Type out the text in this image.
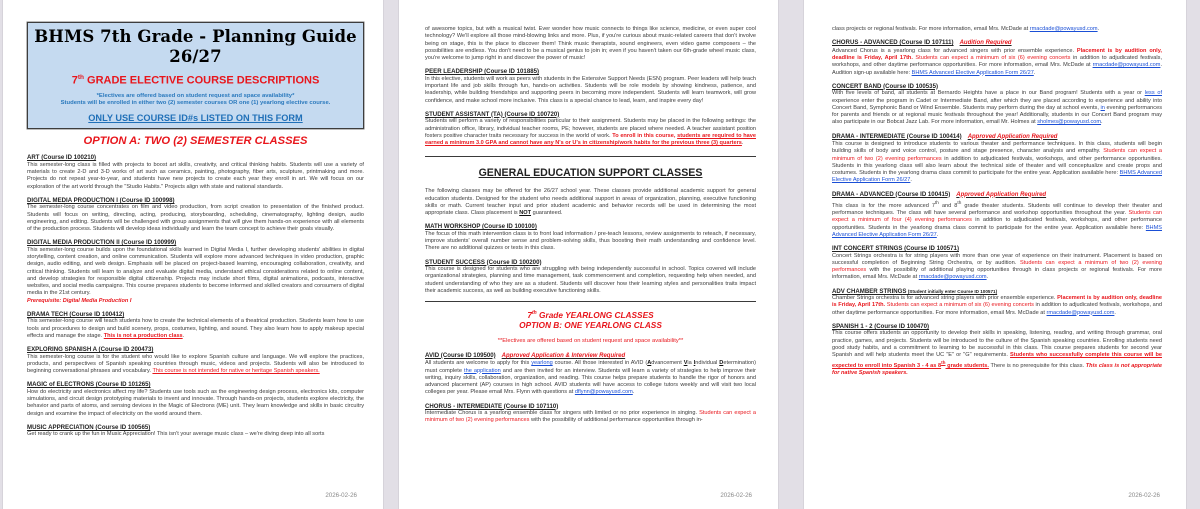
BHMS 7th Grade - Planning Guide 26/27
7th GRADE ELECTIVE COURSE DESCRIPTIONS
*Electives are offered based on student request and space availability*
Students will be enrolled in either two (2) semester courses OR one (1) yearlong elective course.
ONLY USE COURSE ID#s LISTED ON THIS FORM
OPTION A: TWO (2) SEMESTER CLASSES
ART (Course ID 100210)
This semester-long class is filled with projects to boost art skills, creativity, and critical thinking habits. Students will use a variety of materials to create 2-D and 3-D works of art such as ceramics, painting, photography, fiber arts, sculpture, printmaking and more. Projects do not repeat year-to-year, and students have new projects to create each year they enroll in art. We will focus on our exploration of the art world through the "Studio Habits." Projects align with state and national standards.
DIGITAL MEDIA PRODUCTION I (Course ID 100998)
The semester-long course concentrates on film and video production, from script creation to presentation of the finished product. Students will focus on writing, directing, acting, producing, storyboarding, scheduling, cinematography, lighting design, audio engineering, and editing. Students will be challenged with group assignments that will give them hands-on experience with all elements of the production process. Students will develop ideas individually and learn the team concept to achieve their goals visually.
DIGITAL MEDIA PRODUCTION II (Course ID 100999)
This semester-long course builds upon the foundational skills learned in Digital Media I, further developing students' abilities in digital storytelling, content creation, and online communication. Students will explore more advanced techniques in video production, graphic design, audio editing, and web design. Emphasis will be placed on project-based learning, encouraging collaboration, creativity, and critical thinking. Students will learn to analyze and evaluate digital media, understand ethical considerations related to online content, and develop strategies for responsible digital citizenship. Projects may include short films, digital animations, podcasts, interactive websites, and social media campaigns. This course prepares students to become informed and skilled creators and consumers of digital media in the 21st century.
Prerequisite: Digital Media Production I
DRAMA TECH (Course ID 100412)
This semester-long course will teach students how to create the technical elements of a theatrical production. Students learn how to use tools and procedures to design and build scenery, props, costumes, lighting, and sound. They also learn how to apply makeup special effects and manage the stage. This is not a production class.
EXPLORING SPANISH A (Course ID 200473)
This semester-long course is for the student who would like to explore Spanish culture and language. We will explore the practices, products, and perspectives of Spanish speaking countries through music, videos and projects. Students will also be introduced to beginning conversational phrases and vocabulary. This course is not intended for native or heritage Spanish speakers.
MAGIC of ELECTRONS (Course ID 101265)
How do electricity and electronics affect my life? Students use tools such as the engineering design process, electronics kits, computer simulations, and circuit design prototyping materials to invent and innovate. Through hands-on projects, students explore electricity, the behavior and parts of atoms, and sensing devices in the Magic of Electrons (ME) unit. They learn knowledge and skills in basic circuitry design and examine the impact of electricity on the world around them.
MUSIC APPRECIATION (Course ID 100565)
Get ready to crank up the fun in Music Appreciation! This isn't your average music class – we're diving deep into all sorts
2026-02-26
of awesome topics, but with a musical twist. Ever wonder how music connects to things like science, medicine, or even super cool technology? We'll explore all those mind-blowing links and more. Plus, if you're curious about music-related careers that don't involve being on stage, this is the place to discover them! Think music therapists, sound engineers, even video game composers – the possibilities are endless. You don't need to be a musical genius to join in; even if you haven't taken our 6th-grade wheel music class, you're welcome to jump right in and discover the power of music!
PEER LEADERSHIP (Course ID 101885)
In this elective, students will work as peers with students in the Extensive Support Needs (ESN) program. Peer leaders will help teach important life and job skills through fun, hands-on activities. Students will be role models by showing kindness, patience, and leadership, while building friendships and supporting peers in becoming more independent. Students will learn teamwork, will grow confidence, and make school more inclusive. This class is a special chance to lead, learn, and inspire every day!
STUDENT ASSISTANT (TA) (Course ID 100720)
Students will perform a variety of responsibilities particular to their assignment. Students may be placed in the following settings: the administration office, library, individual teacher rooms, PE; however, students are placed where needed. A teacher assistant position fosters positive character traits necessary for success in the world of work. To enroll in this course, students are required to have earned a minimum 3.0 GPA and cannot have any N's or U's in citizenship/work habits for the previous three (3) quarters.
GENERAL EDUCATION SUPPORT CLASSES
The following classes may be offered for the 26/27 school year. These classes provide additional academic support for general education students. Designed for the student who needs additional support in areas of organization, planning, executive functioning skills or math. Current teacher input and prior student academic and behavior records will be used in determining the most appropriate class. Class placement is NOT guaranteed.
MATH WORKSHOP (Course ID 100100)
The focus of this math intervention class is to front load information / pre-teach lessons, review assignments to reteach, if necessary, improve students' overall number sense and problem-solving skills, thus boosting their math understanding and confidence level. There are no additional quizzes or tests in this class.
STUDENT SUCCESS (Course ID 100200)
This course is designed for students who are struggling with being independently successful in school. Topics covered will include organizational strategies, planning and time management, task commencement and completion, requesting help when needed, and student understanding of who they are as a student. Students will discover how their learning styles and personalities traits impact their academic success, as well as building executive functioning skills.
7th Grade YEARLONG CLASSES
OPTION B: ONE YEARLONG CLASS
**Electives are offered based on student request and space availability**
AVID (Course ID 109500) Approved Application & Interview Required
All students are welcome to apply for this yearlong course. All those interested in AVID (Advancement Via Individual Determination) must complete the application and are then invited for an interview. Students will learn a variety of strategies to help improve their writing, inquiry skills, collaboration, organization, and reading. This course helps prepare students to handle the rigor of honors and advanced placement (AP) courses in high school. AVID students will have access to college tutors weekly and will visit two local colleges per year. Please email Mrs. Flynn with questions at dflynn@powayusd.com.
CHORUS - INTERMEDIATE (Course ID 107110)
Intermediate Chorus is a yearlong ensemble class for singers with limited or no prior experience in singing. Students can expect a minimum of two (2) evening performances with the possibility of additional performance opportunities through in-
2026-02-26
class projects or regional festivals. For more information, email Mrs. McDade at rmacdade@powayusd.com.
CHORUS - ADVANCED (Course ID 107111) Audition Required
Advanced Chorus is a yearlong class for advanced singers with prior ensemble experience. Placement is by audition only, deadline is Friday, April 17th. Students can expect a minimum of six (6) evening concerts in addition to adjudicated festivals, workshops, and other daytime performance opportunities. For more information, email Mrs. McDade at rmacdade@powayusd.com. Audition sign-up available here: BHMS Advanced Elective Application Form 26/27.
CONCERT BAND (Course ID 100535)
With five levels of band, all students at Bernardo Heights have a place in our Band program! Students with a year or less of experience enter the program in Cadet or Intermediate Band, after which they are placed according to experience and ability into Concert Band, Symphonic Band or Wind Ensemble. Students may perform during the day at school events, in evening performances for parents and friends or at regional music festivals throughout the year! Additionally, students in our Concert Band program may also participate in our Bobcat Jazz Lab. For more information, email Mr. Holmes at sholmes@powayusd.com.
DRAMA - INTERMEDIATE (Course ID 100414) Approved Application Required
This course is designed to introduce students to various theater and performance techniques. In this class, students will begin building skills of body and voice control, posture and stage presence, character analysis and empathy. Students can expect a minimum of two (2) evening performances in addition to adjudicated festivals, workshops, and other performance opportunities. Students in this yearlong class will also learn about the technical side of theater and will conceptualize and create props and costumes. Students in the yearlong drama class commit to participate for the entire year. Application available here: BHMS Advanced Elective Application Form 26/27.
DRAMA - ADVANCED (Course ID 100415) Approved Application Required
This class is for the more advanced 7th and 8th grade theater students. Students will continue to develop their theater and performance techniques. The class will have several performance and workshop opportunities throughout the year. Students can expect a minimum of four (4) evening performances in addition to adjudicated festivals, workshops, and other performance opportunities. Students in the yearlong drama class commit to participate for the entire year. Application available here: BHMS Advanced Elective Application Form 26/27.
INT CONCERT STRINGS (Course ID 100571)
Concert Strings orchestra is for string players with more than one year of experience on their instrument. Placement is based on successful completion of Beginning String Orchestra, or by audition. Students can expect a minimum of two (2) evening performances with the possibility of additional playing opportunities through in class projects or regional festivals. For more information, email Mrs. McDade at rmacdade@powayusd.com.
ADV CHAMBER STRINGS (Student initially enter Course ID 100571)
Chamber Strings orchestra is for advanced string players with prior ensemble experience. Placement is by audition only, deadline is Friday, April 17th. Students can expect a minimum of six (6) evening concerts in addition to adjudicated festivals, workshops, and other daytime performance opportunities. For more information, email Mrs. McDade at rmacdade@powayusd.com.
SPANISH 1 - 2 (Course ID 100470)
This course offers students an opportunity to develop their skills in speaking, listening, reading, and writing through grammar, oral practice, games, and projects. Students will be introduced to the culture of the Spanish speaking countries. Enrolling students need good study habits, and a commitment to learning to be successful in this class. This course prepares students for second year Spanish and will help students meet the UC "E" or "G" requirements. Students who successfully complete this course will be expected to enroll into Spanish 3 - 4 as 8th grade students. There is no prerequisite for this class. This class is not appropriate for native Spanish speakers.
2026-02-26
